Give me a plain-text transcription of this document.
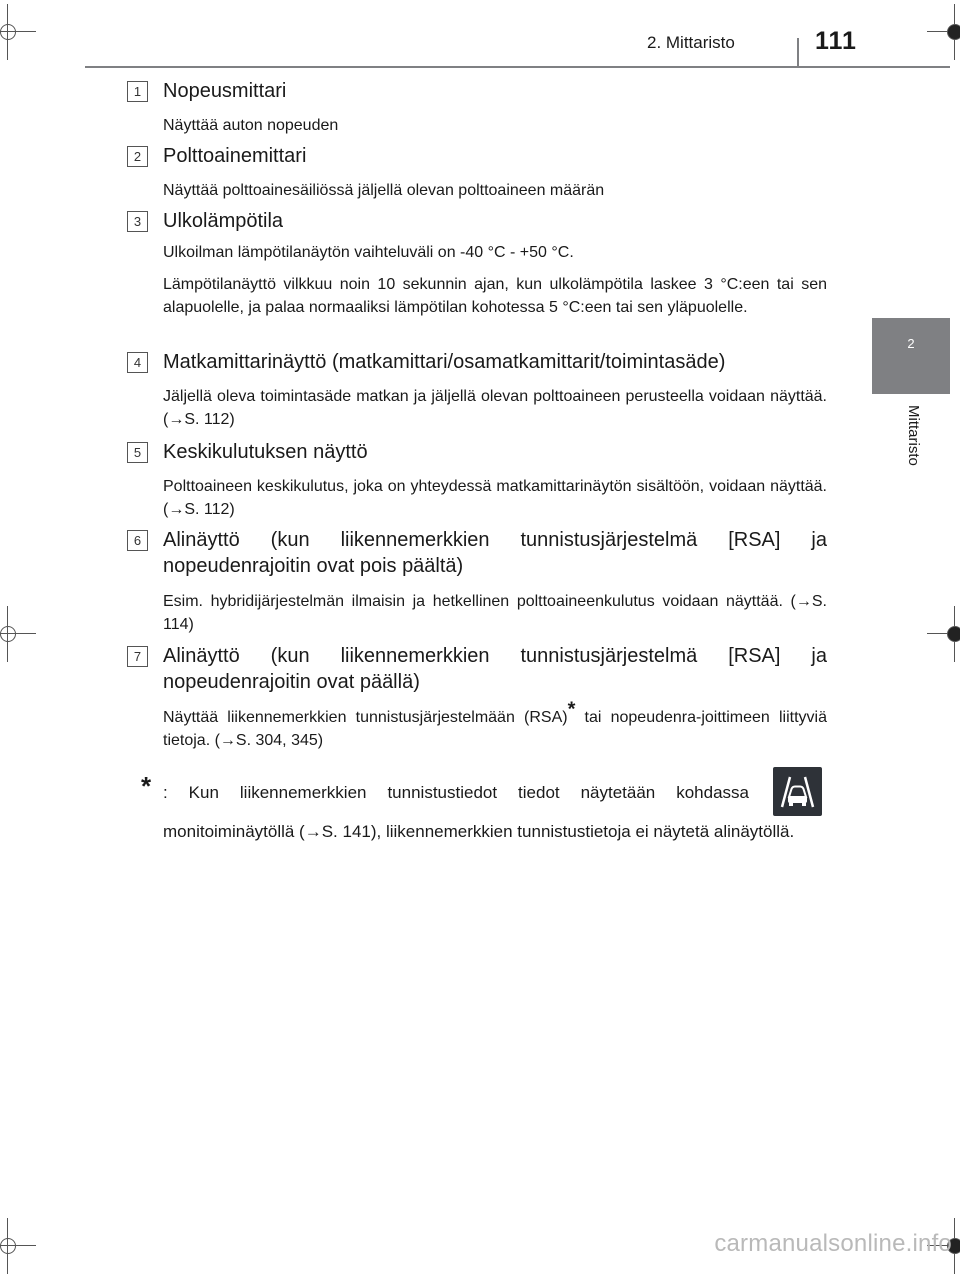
2. Mittaristo	111
2
Mittaristo
1	Nopeusmittari

Näyttää auton nopeuden

2	Polttoainemittari

Näyttää polttoainesäiliössä jäljellä olevan polttoaineen määrän

3	Ulkolämpötila

Ulkoilman lämpötilanäytön vaihteluväli on -40 °C - +50 °C.

Lämpötilanäyttö vilkkuu noin 10 sekunnin ajan, kun ulkolämpötila laskee 3 °C:een tai sen alapuolelle, ja palaa normaaliksi lämpötilan kohotessa 5 °C:een tai sen yläpuolelle.

4	Matkamittarinäyttö (matkamittari/osamatkamittarit/toimintasäde)

Jäljellä oleva toimintasäde matkan ja jäljellä olevan polttoaineen perusteella voidaan näyttää. (→S. 112)

5	Keskikulutuksen näyttö

Polttoaineen keskikulutus, joka on yhteydessä matkamittarinäytön sisältöön, voidaan näyttää. (→S. 112)

6	Alinäyttö (kun liikennemerkkien tunnistusjärjestelmä [RSA] ja
nopeudenrajoitin ovat pois päältä)

Esim. hybridijärjestelmän ilmaisin ja hetkellinen polttoaineenkulutus voidaan näyttää. (→S. 114)

7	Alinäyttö (kun liikennemerkkien tunnistusjärjestelmä [RSA] ja
nopeudenrajoitin ovat päällä)

Näyttää liikennemerkkien tunnistusjärjestelmään (RSA)* tai nopeudenra-joittimeen liittyviä tietoja. (→S. 304, 345)

* : Kun liikennemerkkien tunnistustiedot tiedot näytetään kohdassa
monitoiminäytöllä (→S. 141), liikennemerkkien tunnistustietoja ei näytetä alinäytöllä.
carmanualsonline.info
